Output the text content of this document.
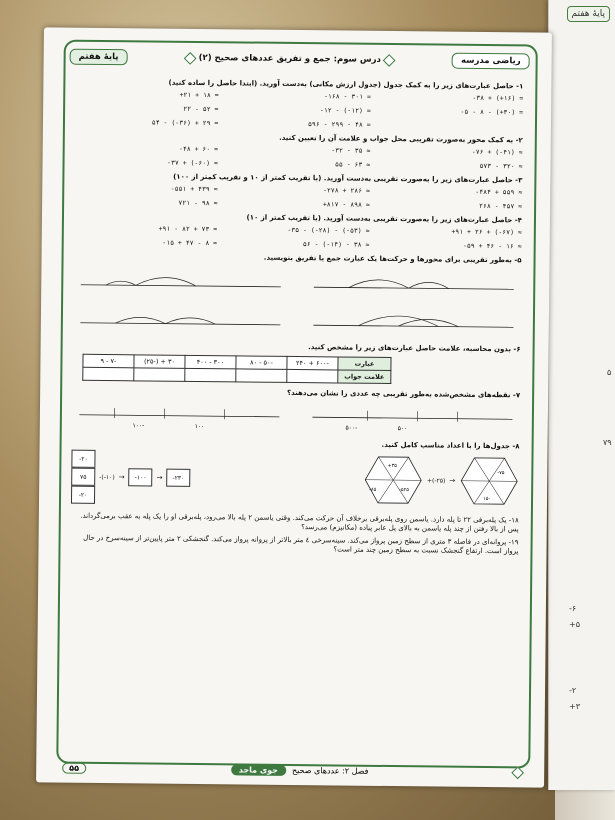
پایهٔ هفتم
۵
۷۹
-۶
+۵
-۲
+۳
پایهٔ هفتم	درس سوم: جمع و تفریق عددهای صحیح (۲)	ریاضی مدرسه
۱- حاصل عبارت‌های زیر را به کمک جدول (جدول ارزش مکانی) به‌دست آورید. (ابتدا حاصل را ساده کنید)
-۳۸ + (+۱۶) =
-۱۶۸ - ۳۰۱ =
+۲۱ + ۱۸ =
-۵ - ۸ - (+۳۰) =
-۱۲ - (-۱۲) =
۲۲ - ۵۲ =
۵۹۶ - ۲۹۹ - ۴۸ =
۵۴ - (-۳۶) + ۲۹ =
۲- به کمک محور به‌صورت تقریبی محل جواب و علامت آن را تعیین کنید.
-۷۶ + (-۴۱) ≈
-۳۲ - ۳۵ ≈
-۴۸ + ۶۰ ≈
۵۷۳ - ۳۲۰ ≈
۵۵ - ۶۳ ≈
-۳۷ + (-۶۰) ≈
۳- حاصل عبارت‌های زیر را به‌صورت تقریبی به‌دست آورید. (با تقریب کمتر از ۱۰ و تقریب کمتر از ۱۰۰)
-۴۸۴ + ۵۵۹ ≈
-۲۷۸ + ۲۸۶ ≈
-۵۵۱ + ۴۳۹ ≈
۲۶۸ - ۴۵۷ ≈
+۸۱۷ - ۸۹۸ ≈
۷۲۱ - ۹۸ ≈
۴- حاصل عبارت‌های زیر را به‌صورت تقریبی به‌دست آورید. (با تقریب کمتر از ۱۰)
+۹۱ + ۲۶ + (-۶۷) ≈
-۳۵ - (-۲۸) - (-۵۳) ≈
+۹۱ - ۸۲ + ۷۳ ≈
-۵۹ + ۴۶ - ۱۶ ≈
۵۶ - (-۱۴) - ۳۸ ≈
-۱۵ + ۴۷ - ۸ ≈
۵- به‌طور تقریبی برای محورها و حرکت‌ها یک عبارت جمع یا تفریق بنویسید.
۶- بدون محاسبه، علامت حاصل عبارت‌های زیر را مشخص کنید.
عبارت	-۶۰۰ + ۲۴۰	-۵۰ - ۸۰	۳۰۰ - ۴۰۰	۳۰ + (-۲۵)	-۷ - ۹
علامت جواب					
۷- نقطه‌های مشخص‌شده به‌طور تقریبی چه عددی را نشان می‌دهند؟
-۵۰۰	۵۰۰
-۱۰۰	۱۰۰
۸- جدول‌ها را با اعداد مناسب کامل کنید.
-۲۰
۷۵
-۲۰
-(-۱۰) →	-۱۰۰	→	-۲۳۰
+۳۵
-۸۵	-۵۲۵
+(-۲۵) →
-۷۵
۱۵۰
۱۸- یک پلەبرقی ۲۲ تا پله دارد. یاسمن روی پلەبرقی برخلاف آن حرکت می‌کند. وقتی یاسمن ۲ پله بالا می‌رود، پلەبرقی او را یک پله به عقب برمی‌گرداند. پس از بالا رفتن از چند پله یاسمن به بالای پل عابر پیاده (مکانیزم) می‌رسد؟
۱۹- پروانه‌ای در فاصله ۳ متری از سطح زمین پرواز می‌کند. سینه‌سرخی ٤ متر بالاتر از پروانه پرواز می‌کند. گنجشکی ۲ متر پایین‌تر از سینه‌سرخ در حال پرواز است. ارتفاع گنجشک نسبت به سطح زمین چند متر است؟
۵۵	جوی ماجد	فصل ۲: عددهای صحیح
